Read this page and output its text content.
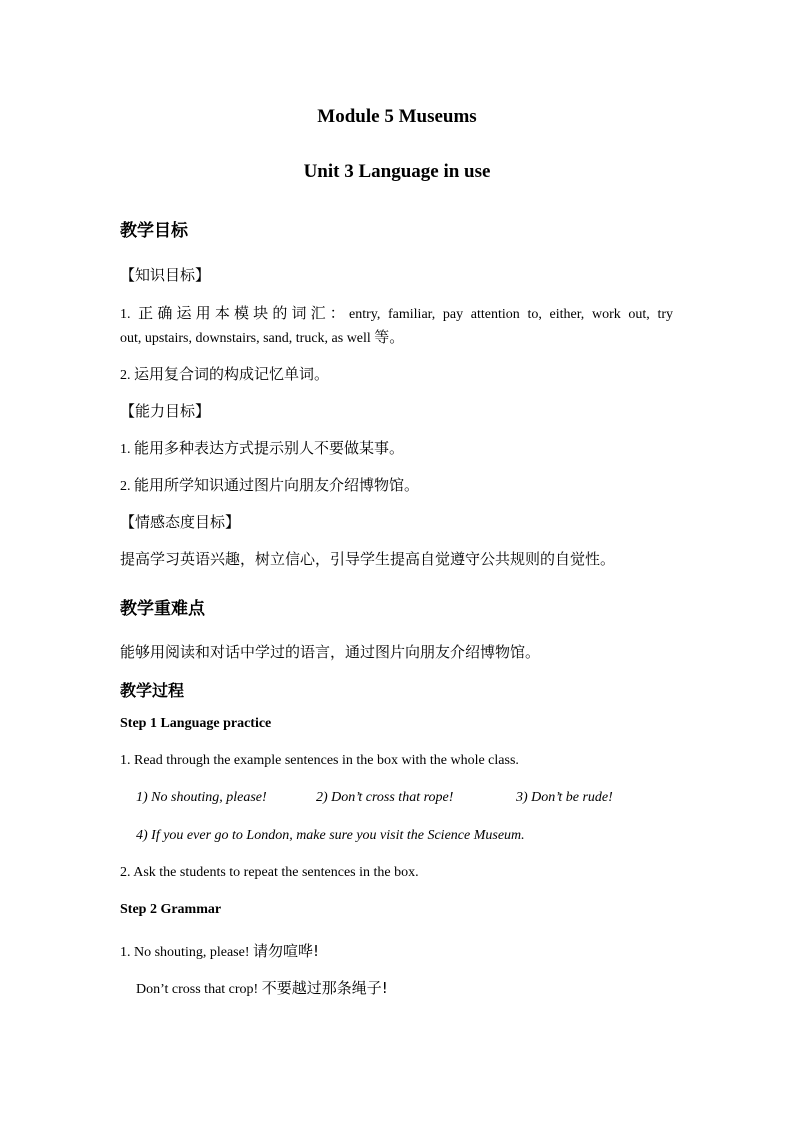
Module 5 Museums
Unit 3 Language in use
教学目标
【知识目标】
1. 正确运用本模块的词汇：entry, familiar, pay attention to, either, work out, try
out, upstairs, downstairs, sand, truck, as well 等。
2. 运用复合词的构成记忆单词。
【能力目标】
1. 能用多种表达方式提示别人不要做某事。
2. 能用所学知识通过图片向朋友介绍博物馆。
【情感态度目标】
提高学习英语兴趣，树立信心，引导学生提高自觉遵守公共规则的自觉性。
教学重难点
能够用阅读和对话中学过的语言，通过图片向朋友介绍博物馆。
教学过程
Step 1 Language practice
1. Read through the example sentences in the box with the whole class.
1) No shouting, please!	2) Don’t cross that rope!	3) Don’t be rude!
4) If you ever go to London, make sure you visit the Science Museum.
2. Ask the students to repeat the sentences in the box.
Step 2 Grammar
1. No shouting, please! 请勿喧哗!
Don’t cross that crop! 不要越过那条绳子!
